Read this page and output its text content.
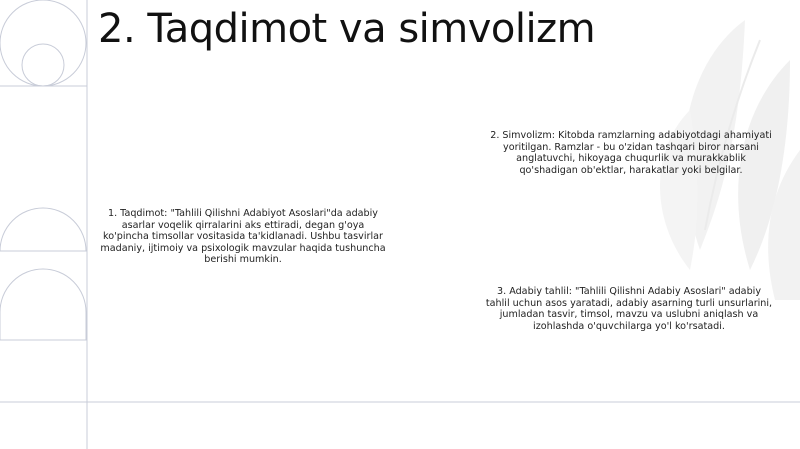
2. Taqdimot va simvolizm
1. Taqdimot: "Tahlili Qilishni Adabiyot Asoslari"da adabiy asarlar voqelik qirralarini aks ettiradi, degan g'oya ko'pincha timsollar vositasida ta'kidlanadi. Ushbu tasvirlar madaniy, ijtimoiy va psixologik mavzular haqida tushuncha berishi mumkin.
2. Simvolizm: Kitobda ramzlarning adabiyotdagi ahamiyati yoritilgan. Ramzlar - bu o'zidan tashqari biror narsani anglatuvchi, hikoyaga chuqurlik va murakkablik qo'shadigan ob'ektlar, harakatlar yoki belgilar.
3. Adabiy tahlil: "Tahlili Qilishni Adabiy Asoslari" adabiy tahlil uchun asos yaratadi, adabiy asarning turli unsurlarini, jumladan tasvir, timsol, mavzu va uslubni aniqlash va izohlashda o'quvchilarga yo'l ko'rsatadi.
